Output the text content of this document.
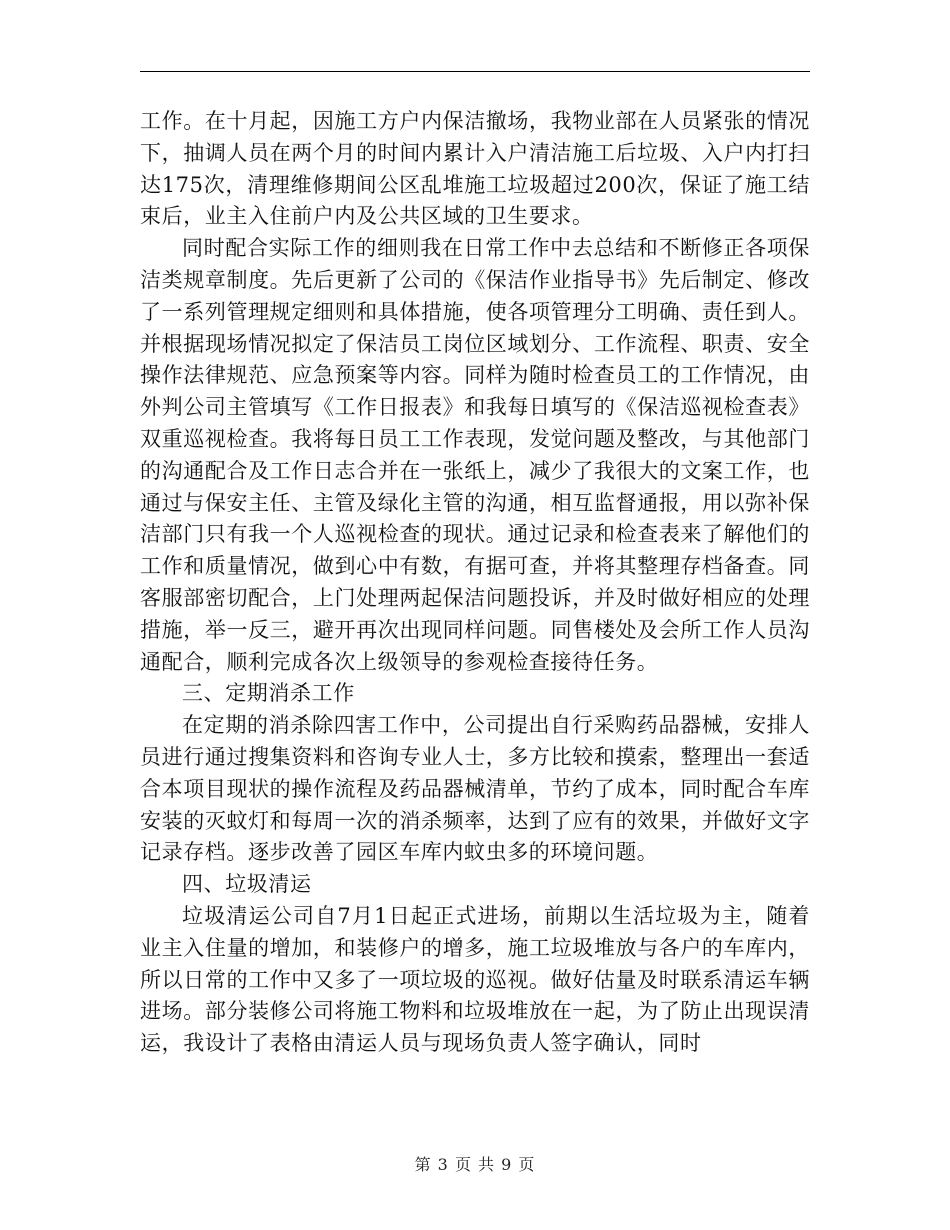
工作。在十月起，因施工方户内保洁撤场，我物业部在人员紧张的情况下，抽调人员在两个月的时间内累计入户清洁施工后垃圾、入户内打扫达175次，清理维修期间公区乱堆施工垃圾超过200次，保证了施工结束后，业主入住前户内及公共区域的卫生要求。

同时配合实际工作的细则我在日常工作中去总结和不断修正各项保洁类规章制度。先后更新了公司的《保洁作业指导书》先后制定、修改了一系列管理规定细则和具体措施，使各项管理分工明确、责任到人。并根据现场情况拟定了保洁员工岗位区域划分、工作流程、职责、安全操作法律规范、应急预案等内容。同样为随时检查员工的工作情况，由外判公司主管填写《工作日报表》和我每日填写的《保洁巡视检查表》双重巡视检查。我将每日员工工作表现，发觉问题及整改，与其他部门的沟通配合及工作日志合并在一张纸上，减少了我很大的文案工作，也通过与保安主任、主管及绿化主管的沟通，相互监督通报，用以弥补保洁部门只有我一个人巡视检查的现状。通过记录和检查表来了解他们的工作和质量情况，做到心中有数，有据可查，并将其整理存档备查。同客服部密切配合，上门处理两起保洁问题投诉，并及时做好相应的处理措施，举一反三，避开再次出现同样问题。同售楼处及会所工作人员沟通配合，顺利完成各次上级领导的参观检查接待任务。

三、定期消杀工作

在定期的消杀除四害工作中，公司提出自行采购药品器械，安排人员进行通过搜集资料和咨询专业人士，多方比较和摸索，整理出一套适合本项目现状的操作流程及药品器械清单，节约了成本，同时配合车库安装的灭蚊灯和每周一次的消杀频率，达到了应有的效果，并做好文字记录存档。逐步改善了园区车库内蚊虫多的环境问题。

四、垃圾清运

垃圾清运公司自7月1日起正式进场，前期以生活垃圾为主，随着业主入住量的增加，和装修户的增多，施工垃圾堆放与各户的车库内，所以日常的工作中又多了一项垃圾的巡视。做好估量及时联系清运车辆进场。部分装修公司将施工物料和垃圾堆放在一起，为了防止出现误清运，我设计了表格由清运人员与现场负责人签字确认，同时

第 3 页 共 9 页
